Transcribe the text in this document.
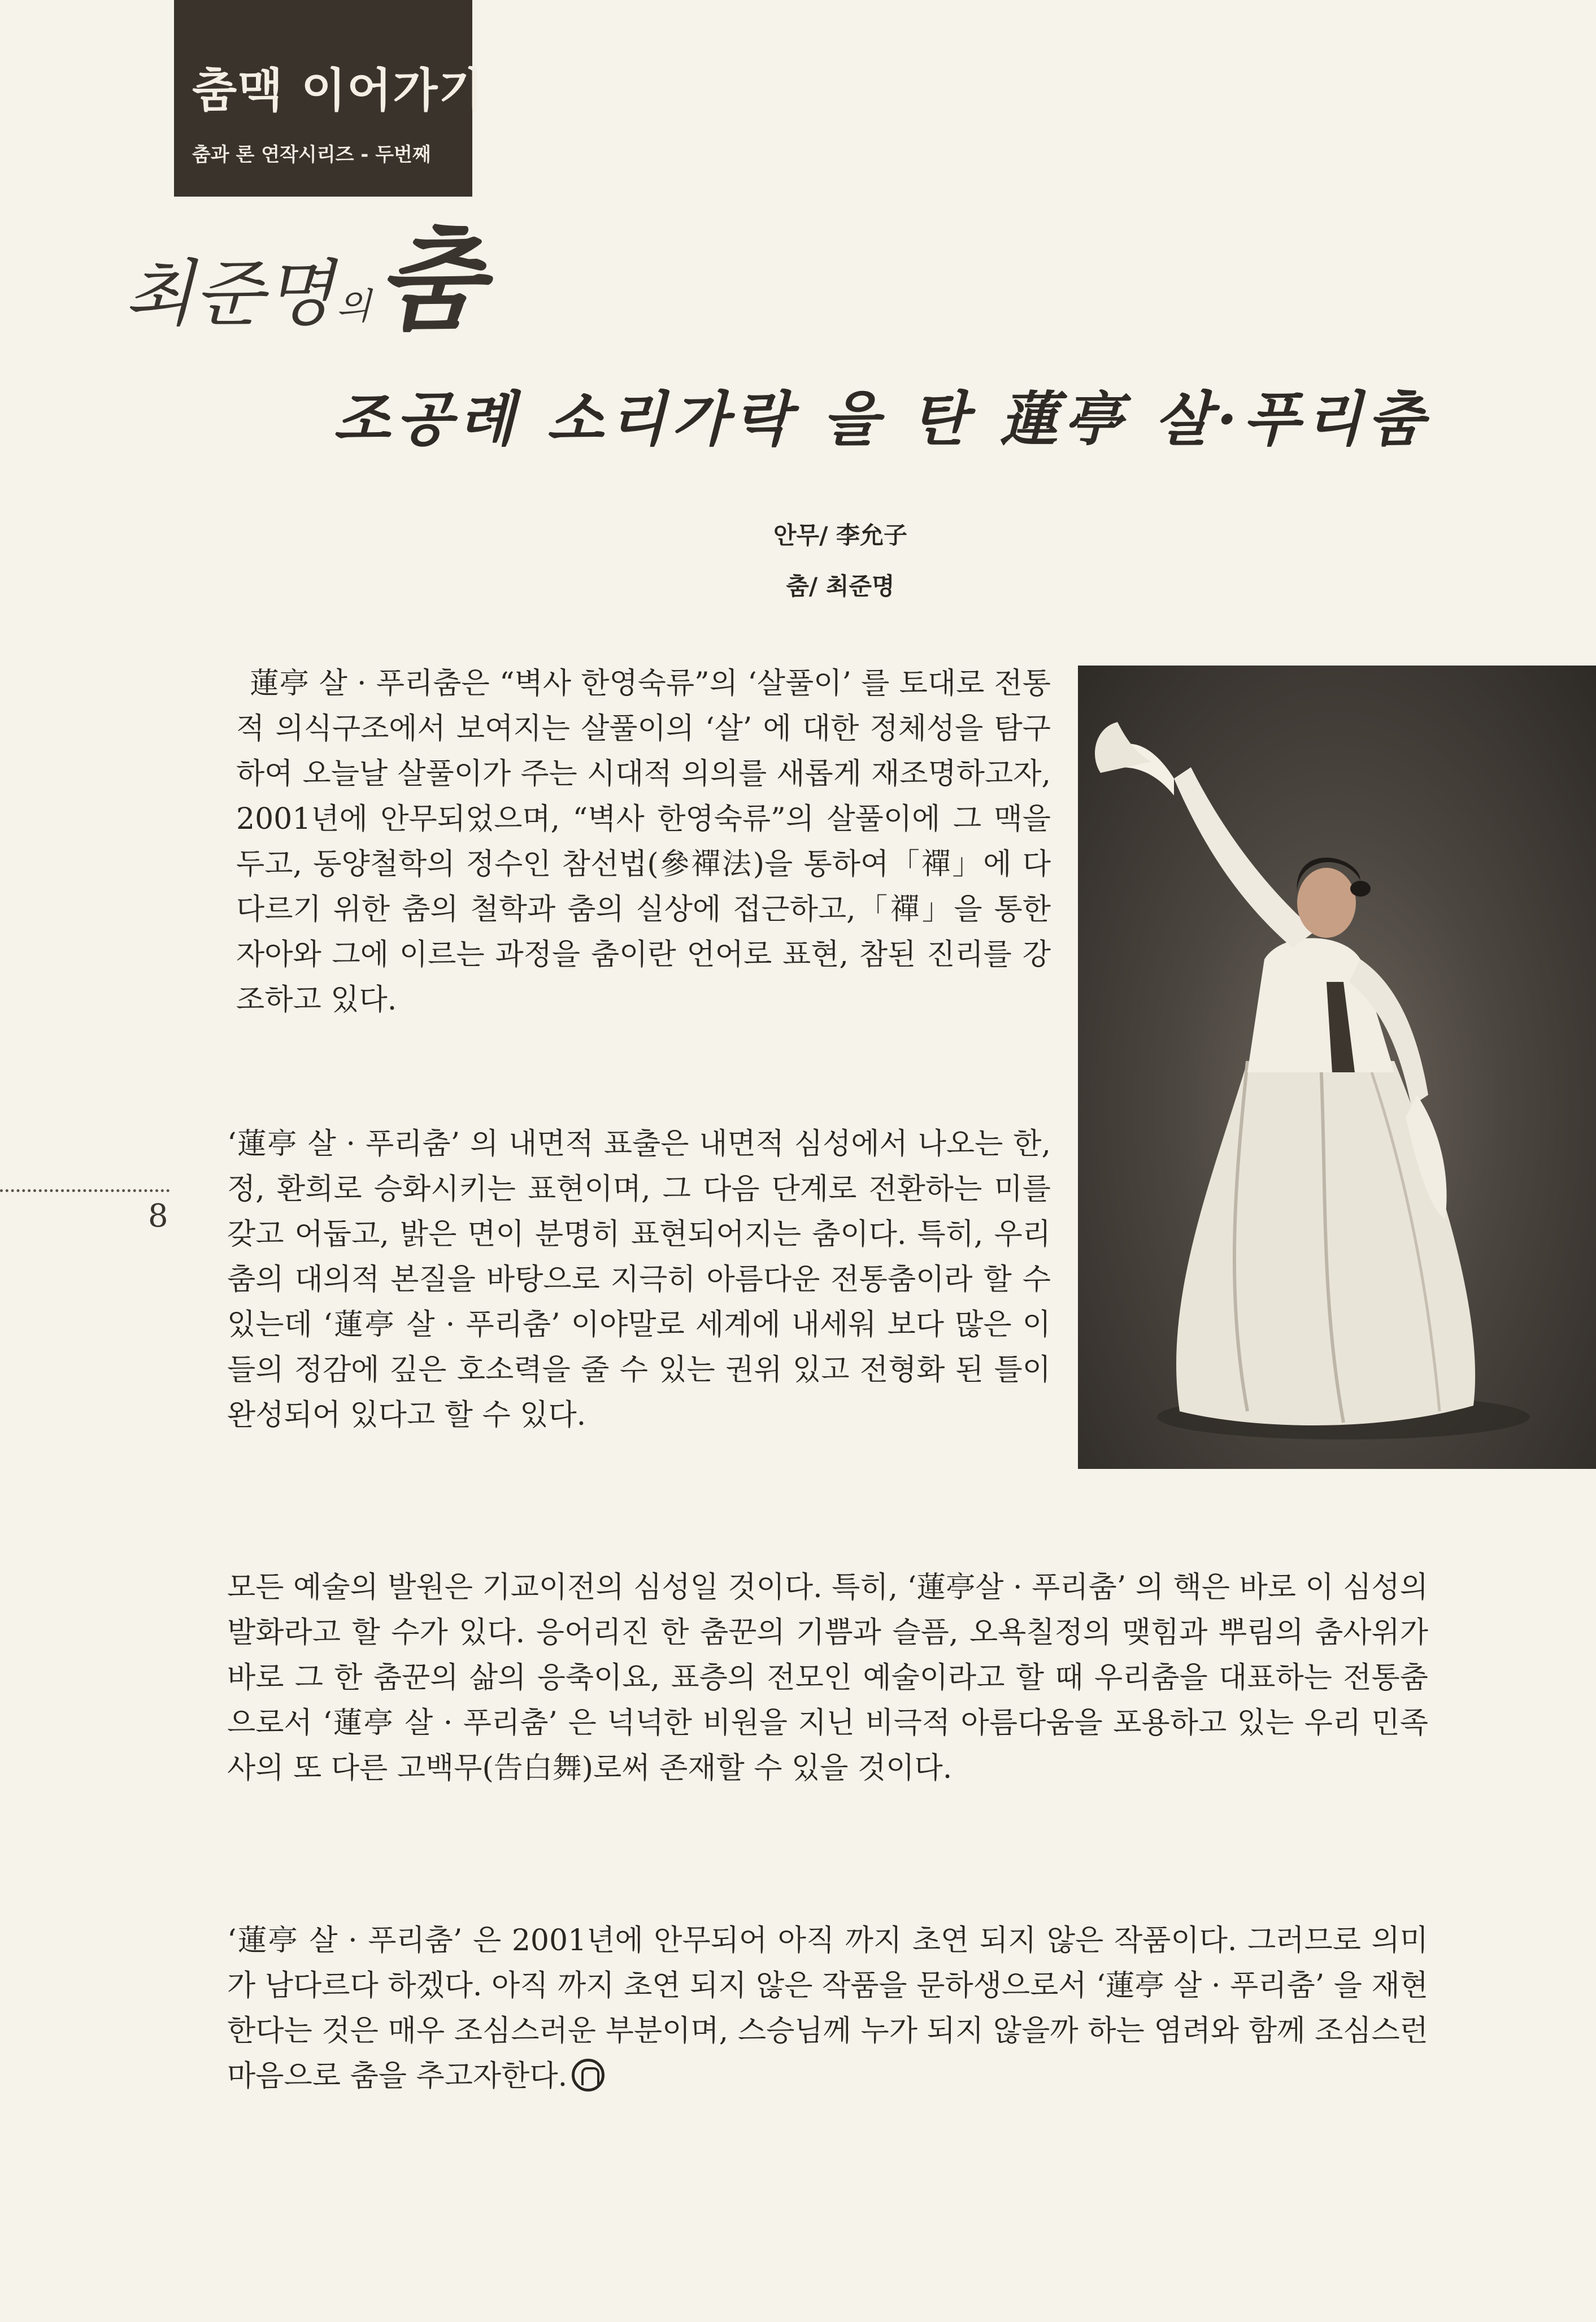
춤맥 이어가기
춤과 론 연작시리즈 - 두번째
최준명의춤
조공례 소리가락 을 탄 蓮亭 살·푸리춤
안무/ 李允子
춤/ 최준명
蓮亭 살 · 푸리춤은 “벽사 한영숙류”의 ‘살풀이’ 를 토대로 전통적 의식구조에서 보여지는 살풀이의 ‘살’ 에 대한 정체성을 탐구하여 오늘날 살풀이가 주는 시대적 의의를 새롭게 재조명하고자, 2001년에 안무되었으며, “벽사 한영숙류”의 살풀이에 그 맥을 두고, 동양철학의 정수인 참선법(參禪法)을 통하여「禪」에 다다르기 위한 춤의 철학과 춤의 실상에 접근하고,「禪」을 통한 자아와 그에 이르는 과정을 춤이란 언어로 표현, 참된 진리를 강조하고 있다.
8
‘蓮亭 살 · 푸리춤’ 의 내면적 표출은 내면적 심성에서 나오는 한, 정, 환희로 승화시키는 표현이며, 그 다음 단계로 전환하는 미를 갖고 어둡고, 밝은 면이 분명히 표현되어지는 춤이다. 특히, 우리춤의 대의적 본질을 바탕으로 지극히 아름다운 전통춤이라 할 수 있는데 ‘蓮亭 살 · 푸리춤’ 이야말로 세계에 내세워 보다 많은 이들의 정감에 깊은 호소력을 줄 수 있는 권위 있고 전형화 된 틀이 완성되어 있다고 할 수 있다.
모든 예술의 발원은 기교이전의 심성일 것이다. 특히, ‘蓮亭살 · 푸리춤’ 의 핵은 바로 이 심성의 발화라고 할 수가 있다. 응어리진 한 춤꾼의 기쁨과 슬픔, 오욕칠정의 맺힘과 뿌림의 춤사위가 바로 그 한 춤꾼의 삶의 응축이요, 표층의 전모인 예술이라고 할 때 우리춤을 대표하는 전통춤으로서 ‘蓮亭 살 · 푸리춤’ 은 넉넉한 비원을 지닌 비극적 아름다움을 포용하고 있는 우리 민족사의 또 다른 고백무(告白舞)로써 존재할 수 있을 것이다.
‘蓮亭 살 · 푸리춤’ 은 2001년에 안무되어 아직 까지 초연 되지 않은 작품이다. 그러므로 의미가 남다르다 하겠다. 아직 까지 초연 되지 않은 작품을 문하생으로서 ‘蓮亭 살 · 푸리춤’ 을 재현한다는 것은 매우 조심스러운 부분이며, 스승님께 누가 되지 않을까 하는 염려와 함께 조심스런 마음으로 춤을 추고자한다.
